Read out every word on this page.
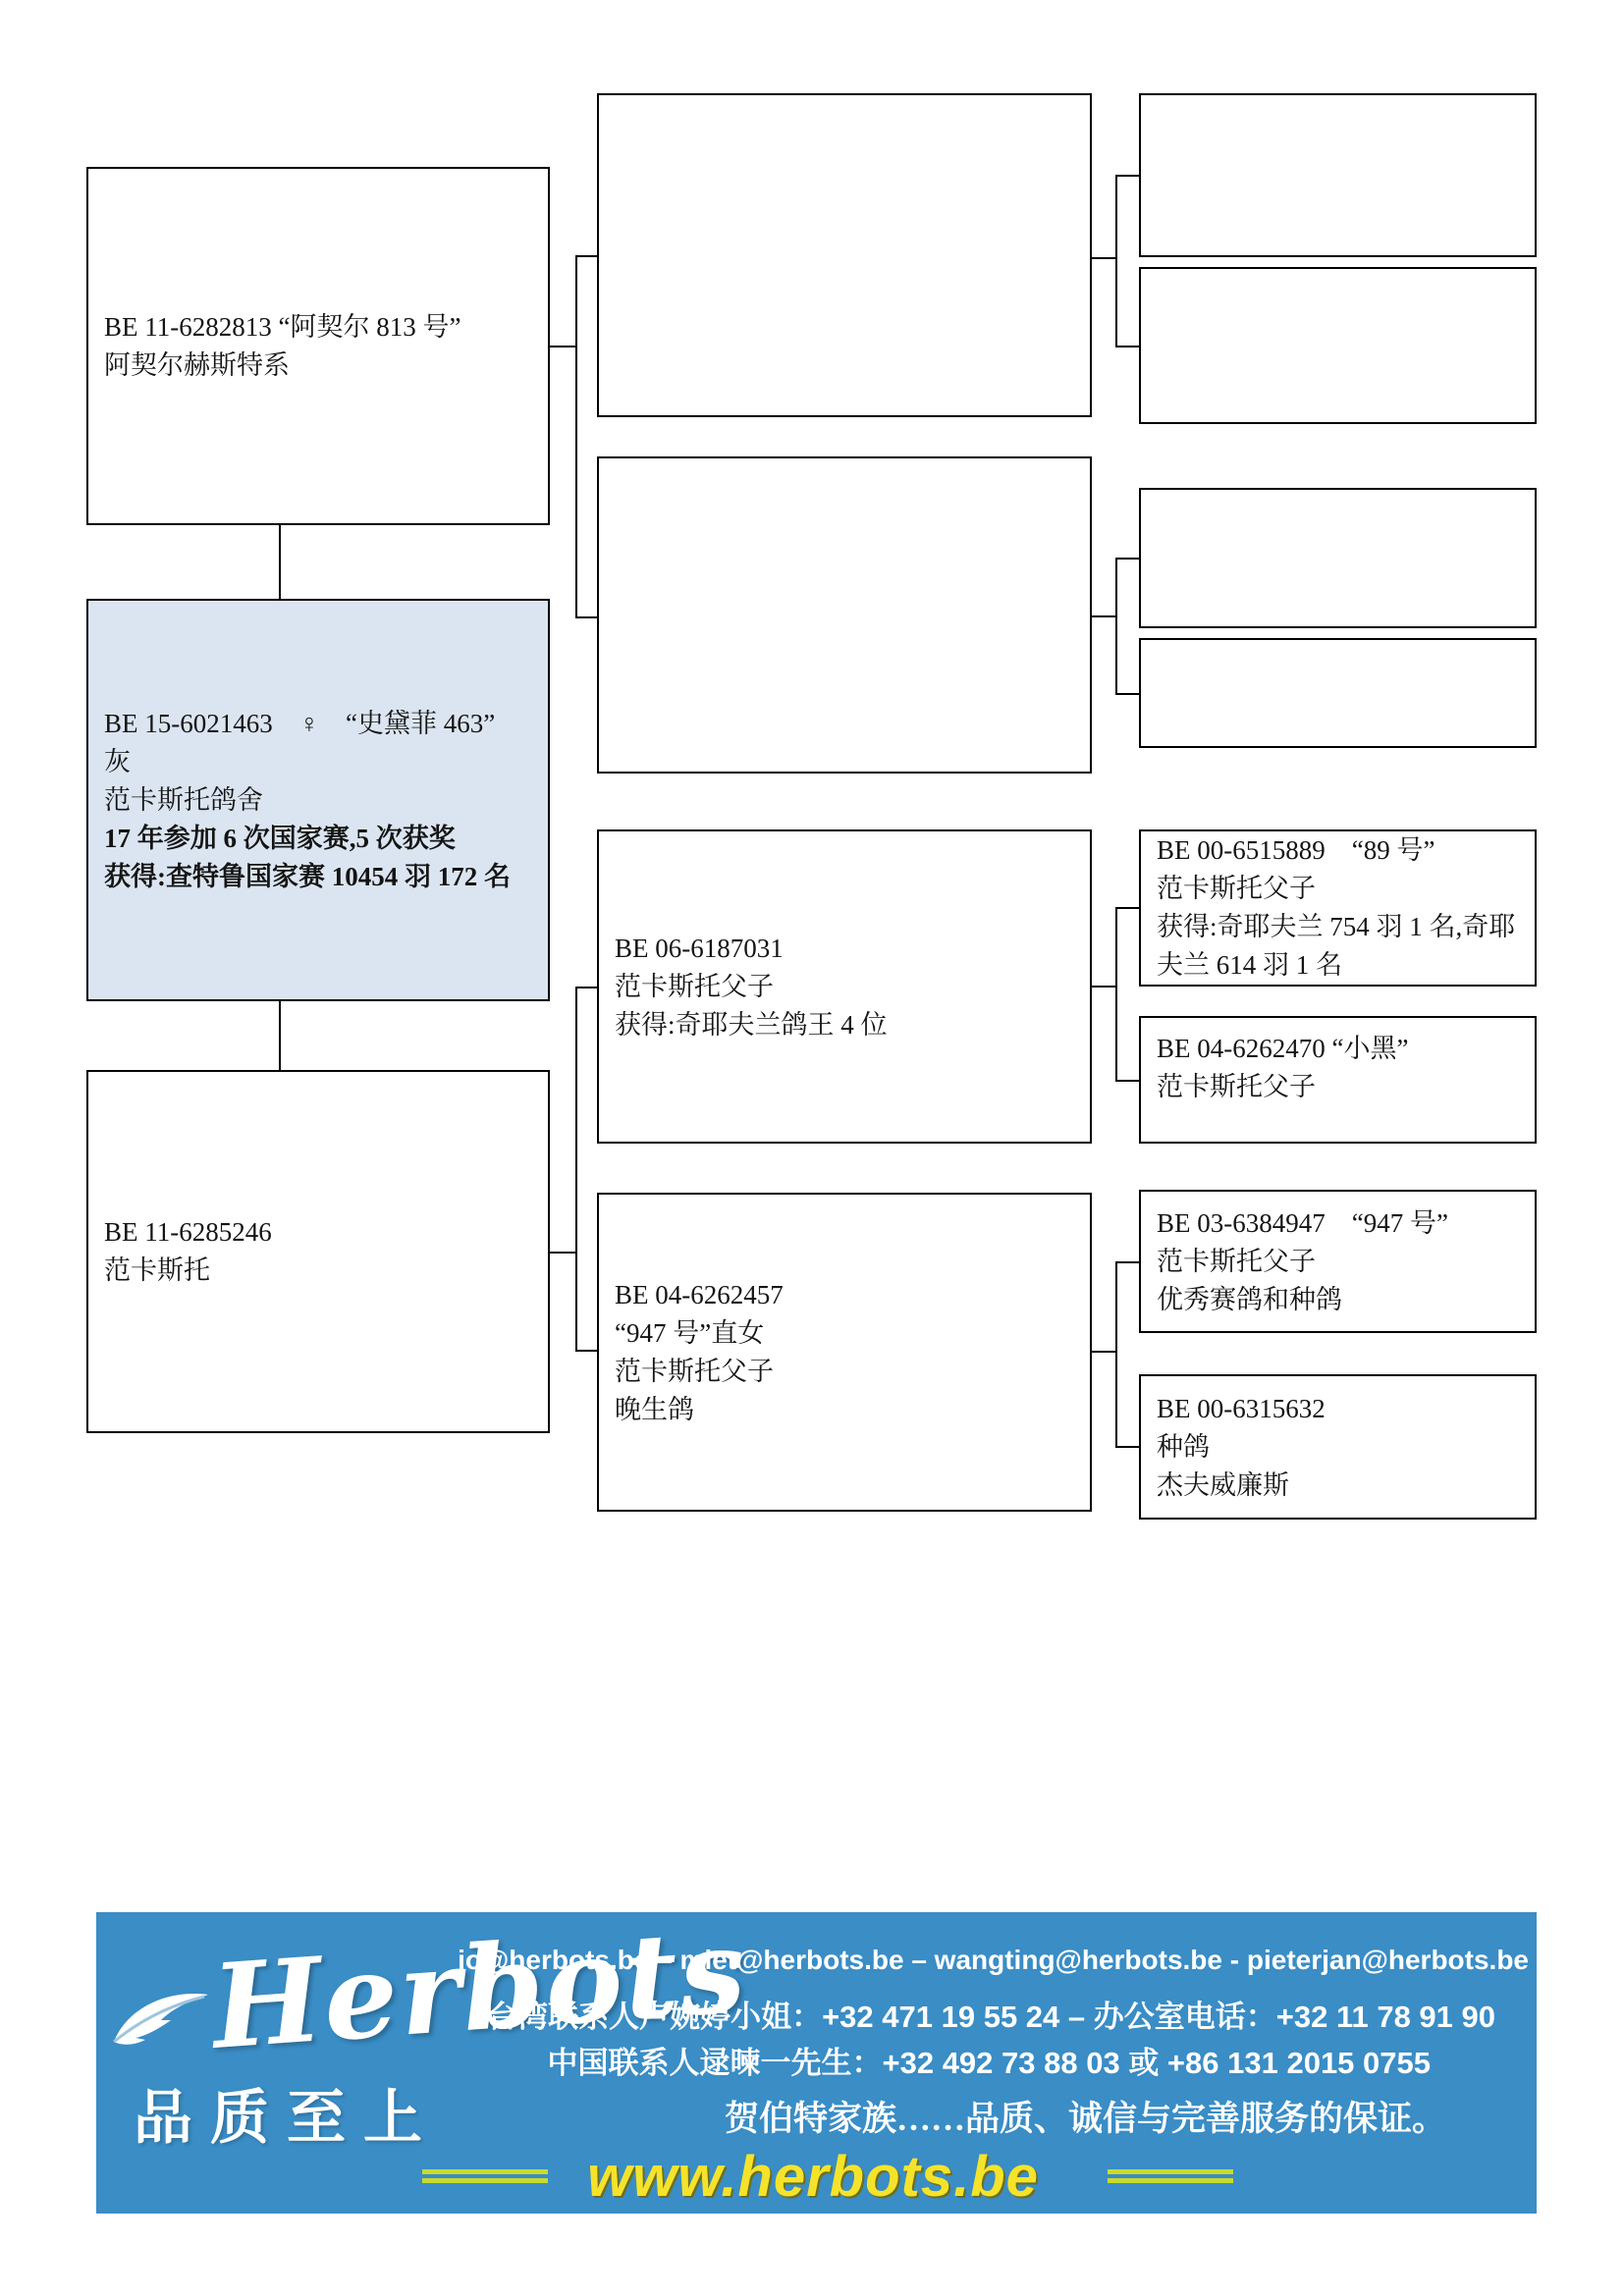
BE 11-6282813 “阿契尔 813 号”
阿契尔赫斯特系
BE 15-6021463　♀　“史黛菲 463”
灰
范卡斯托鸽舍
17 年参加 6 次国家赛,5 次获奖
获得:查特鲁国家赛 10454 羽 172 名
BE 11-6285246
范卡斯托
BE 06-6187031
范卡斯托父子
获得:奇耶夫兰鸽王 4 位
BE 04-6262457
“947 号”直女
范卡斯托父子
晚生鸽
BE 00-6515889　“89 号”
范卡斯托父子
获得:奇耶夫兰 754 羽 1 名,奇耶夫兰 614 羽 1 名
BE 04-6262470 “小黑”
范卡斯托父子
BE 03-6384947　“947 号”
范卡斯托父子
优秀赛鸽和种鸽
BE 00-6315632
种鸽
杰夫威廉斯
Herbots
品质至上
jo@herbots.be – miet@herbots.be – wangting@herbots.be - pieterjan@herbots.be
台湾联系人卢婉婷小姐：+32 471 19 55 24 – 办公室电话：+32 11 78 91 90
中国联系人逯暕一先生：+32 492 73 88 03 或 +86 131 2015 0755
贺伯特家族……品质、诚信与完善服务的保证。
www.herbots.be
